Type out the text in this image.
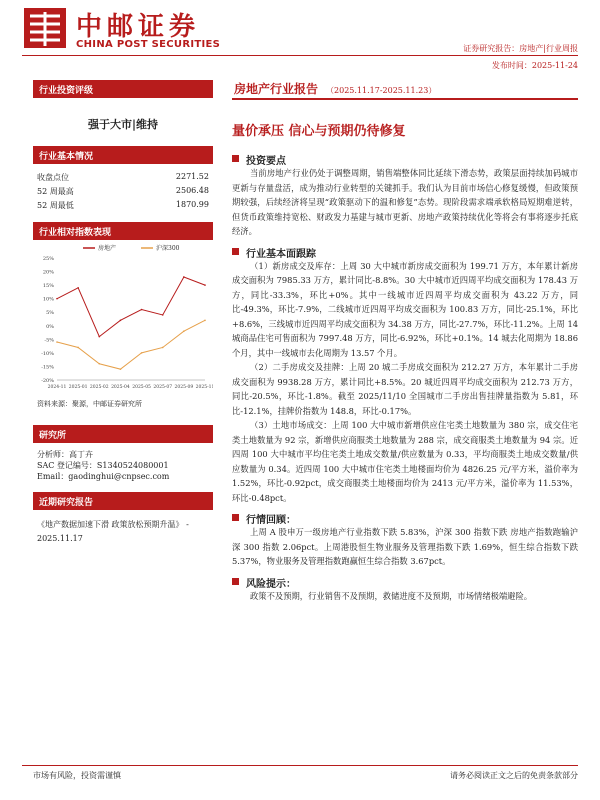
中邮证券
CHINA POST SECURITIES	证券研究报告：房地产|行业周报
发布时间：2025-11-24
行业投资评级
强于大市|维持
行业基本情况
收盘点位	2271.52
52 周最高	2506.48
52 周最低	1870.99
行业相对指数表现
25%
20%
15%
10%
5%
0%
-5%
-10%
-15%
-20%
2024-11 2025-01 2025-02 2025-04 2025-05 2025-07 2025-09 2025-11
房地产	沪深300
资料来源：聚源，中邮证券研究所
研究所
分析师：高丁卉
SAC 登记编号：S1340524080001
Email：gaodinghui@cnpsec.com
近期研究报告
《地产数据加速下滑 政策放松预期升温》 - 2025.11.17
房地产行业报告 （2025.11.17-2025.11.23）
量价承压 信心与预期仍待修复
投资要点

当前房地产行业仍处于调整周期，销售端整体同比延续下滑态势，政策层面持续加码城市更新与存量盘活，成为推动行业转型的关键抓手。我们认为目前市场信心修复缓慢，但政策预期较强，后续经济将呈现“政策驱动下的温和修复”态势。现阶段需求端承软格局短期难逆转，但货币政策维持宽松、财政发力基建与城市更新、房地产政策持续优化等将会有事将逐步托底经济。

行业基本面跟踪

（1）新房成交及库存：上周 30 大中城市新房成交面积为 199.71 万方，本年累计新房成交面积为 7985.33 万方，累计同比-8.8%。30 大中城市近四周平均成交面积为 178.43 万方，同比-33.3%，环比+0%。其中一线城市近四周平均成交面积为 43.22 万方，同比-49.3%，环比-7.9%，二线城市近四周平均成交面积为 100.83 万方，同比-25.1%，环比+8.6%，三线城市近四周平均成交面积为 34.38 万方，同比-27.7%，环比-11.2%。上周 14 城商品住宅可售面积为 7997.48 万方，同比-6.92%，环比+0.1%。14 城去化周期为 18.86 个月，其中一线城市去化周期为 13.57 个月。

（2）二手房成交及挂牌：上周 20 城二手房成交面积为 212.27 万方，本年累计二手房成交面积为 9938.28 万方，累计同比+8.5%。20 城近四周平均成交面积为 212.73 万方，同比-20.5%，环比-1.8%。截至 2025/11/10 全国城市二手房出售挂牌量指数为 5.81，环比-12.1%，挂牌价指数为 148.8，环比-0.17%。

（3）土地市场成交：上周 100 大中城市新增供应住宅类土地数量为 380 宗，成交住宅类土地数量为 92 宗，新增供应商服类土地数量为 288 宗，成交商服类土地数量为 94 宗。近四周 100 大中城市平均住宅类土地成交数量/供应数量为 0.33，平均商服类土地成交数量/供应数量为 0.34。近四周 100 大中城市住宅类土地楼面均价为 4826.25 元/平方米，溢价率为 1.52%，环比-0.92pct，成交商服类土地楼面均价为 2413 元/平方米，溢价率为 11.53%，环比-0.48pct。

行情回顾：

上周 A 股申万一级房地产行业指数下跌 5.83%，沪深 300 指数下跌 房地产指数跑输沪深 300 指数 2.06pct。上周港股恒生物业服务及管理指数下跌 1.69%，恒生综合指数下跌 5.37%，物业服务及管理指数跑赢恒生综合指数 3.67pct。

风险提示：

政策不及预期，行业销售不及预期，救储进度不及预期，市场情绪极端避险。

市场有风险，投资需谨慎	请务必阅读正文之后的免责条款部分
